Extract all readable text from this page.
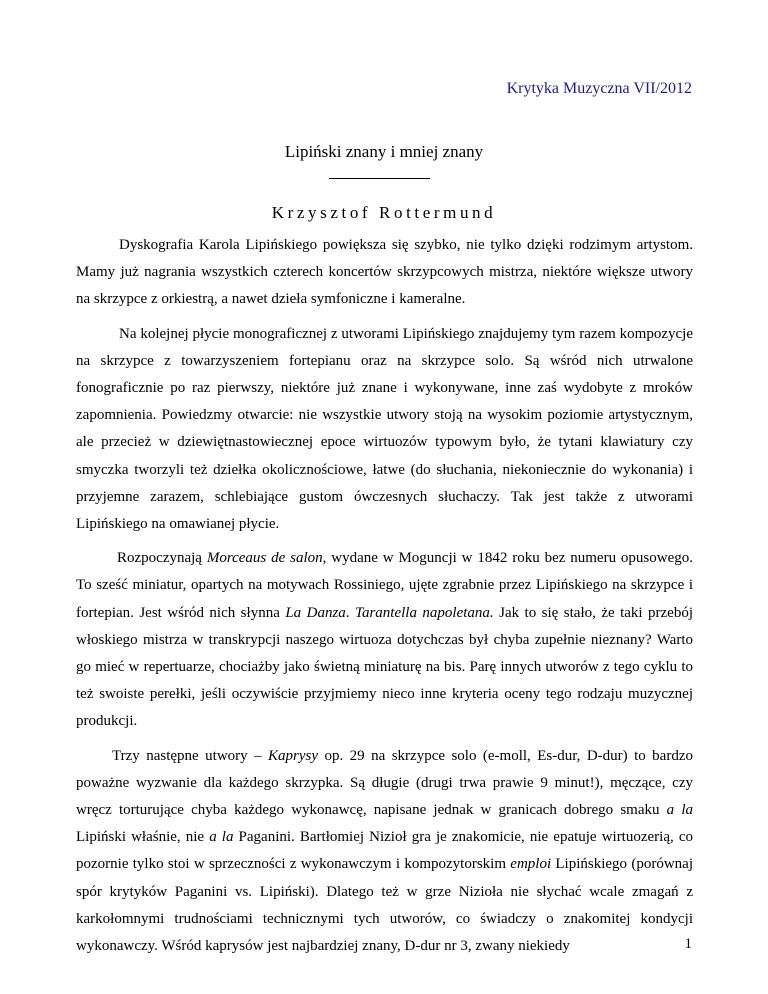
Krytyka Muzyczna VII/2012
Lipiński znany i mniej znany
Krzysztof Rottermund

Dyskografia Karola Lipińskiego powiększa się szybko, nie tylko dzięki rodzimym artystom. Mamy już nagrania wszystkich czterech koncertów skrzypcowych mistrza, niektóre większe utwory na skrzypce z orkiestrą, a nawet dzieła symfoniczne i kameralne.

Na kolejnej płycie monograficznej z utworami Lipińskiego znajdujemy tym razem kompozycje na skrzypce z towarzyszeniem fortepianu oraz na skrzypce solo. Są wśród nich utrwalone fonograficznie po raz pierwszy, niektóre już znane i wykonywane, inne zaś wydobyte z mroków zapomnienia. Powiedzmy otwarcie: nie wszystkie utwory stoją na wysokim poziomie artystycznym, ale przecież w dziewiętnastowiecznej epoce wirtuozów typowym było, że tytani klawiatury czy smyczka tworzyli też dziełka okolicznościowe, łatwe (do słuchania, niekoniecznie do wykonania) i przyjemne zarazem, schlebiające gustom ówczesnych słuchaczy. Tak jest także z utworami Lipińskiego na omawianej płycie.

Rozpoczynają Morceaus de salon, wydane w Moguncji w 1842 roku bez numeru opusowego. To sześć miniatur, opartych na motywach Rossiniego, ujęte zgrabnie przez Lipińskiego na skrzypce i fortepian. Jest wśród nich słynna La Danza. Tarantella napoletana. Jak to się stało, że taki przebój włoskiego mistrza w transkrypcji naszego wirtuoza dotychczas był chyba zupełnie nieznany? Warto go mieć w repertuarze, chociażby jako świetną miniaturę na bis. Parę innych utworów z tego cyklu to też swoiste perełki, jeśli oczywiście przyjmiemy nieco inne kryteria oceny tego rodzaju muzycznej produkcji.

Trzy następne utwory – Kaprysy op. 29 na skrzypce solo (e-moll, Es-dur, D-dur) to bardzo poważne wyzwanie dla każdego skrzypka. Są długie (drugi trwa prawie 9 minut!), męczące, czy wręcz torturujące chyba każdego wykonawcę, napisane jednak w granicach dobrego smaku a la Lipiński właśnie, nie a la Paganini. Bartłomiej Nizioł gra je znakomicie, nie epatuje wirtuozerią, co pozornie tylko stoi w sprzeczności z wykonawczym i kompozytorskim emploi Lipińskiego (porównaj spór krytyków Paganini vs. Lipiński). Dlatego też w grze Nizioła nie słychać wcale zmagań z karkołomnymi trudnościami technicznymi tych utworów, co świadczy o znakomitej kondycji wykonawczy. Wśród kaprysów jest najbardziej znany, D-dur nr 3, zwany niekiedy	1
